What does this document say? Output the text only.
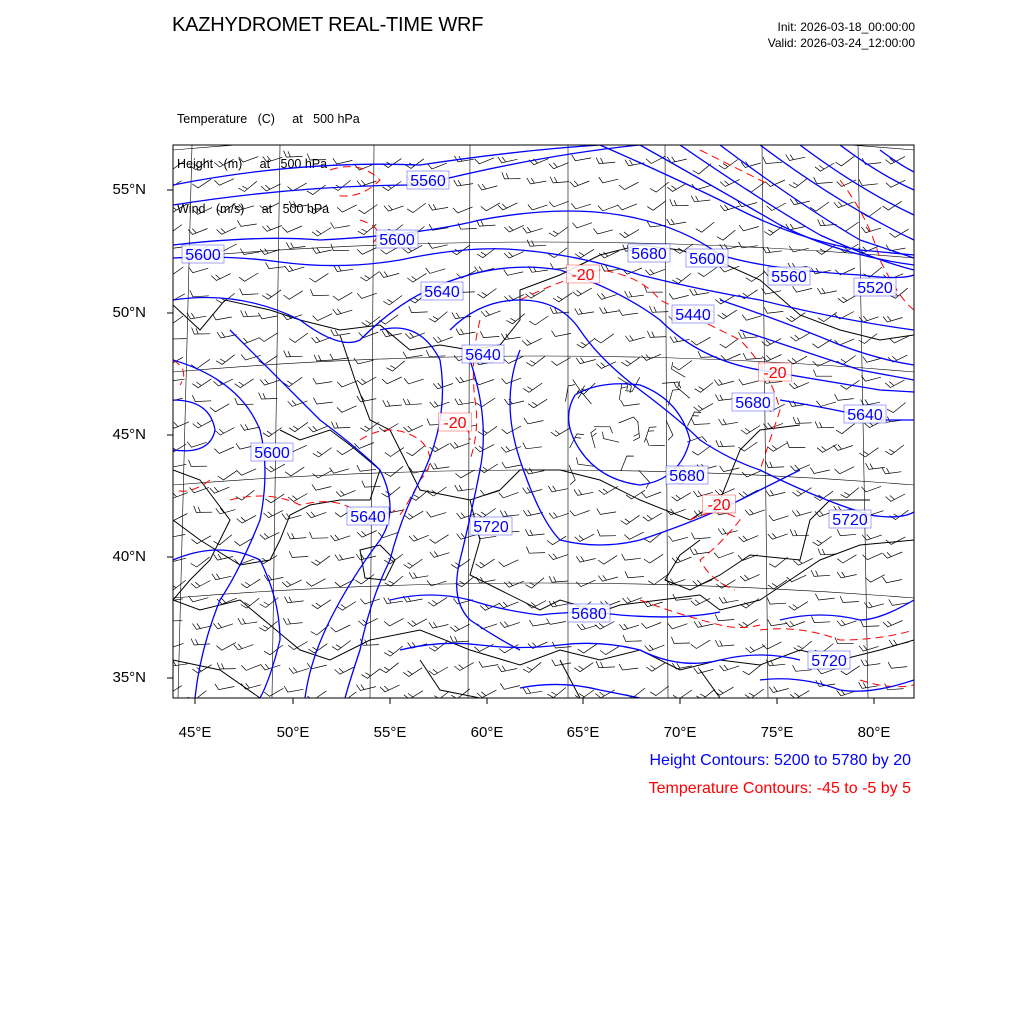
KAZHYDROMET REAL-TIME WRF	Init: 2026-03-18_00:00:00
Valid: 2026-03-24_12:00:00

Temperature   (C)     at   500 hPa

Height   (m)     at   500 hPa

Wind   (m/s)     at   500 hPa

5560
5600
5600
5640
5680 5600
5560
5520
5440
5640
5680
5640
5600
5640
5680
5720	5720
5680
5720
-20
-20
-20
-20
55°N
50°N
45°N
40°N
35°N
45°E	50°E	55°E	60°E	65°E	70°E	75°E	80°E
Height Contours: 5200 to 5780 by 20
Temperature Contours: -45 to -5 by 5
